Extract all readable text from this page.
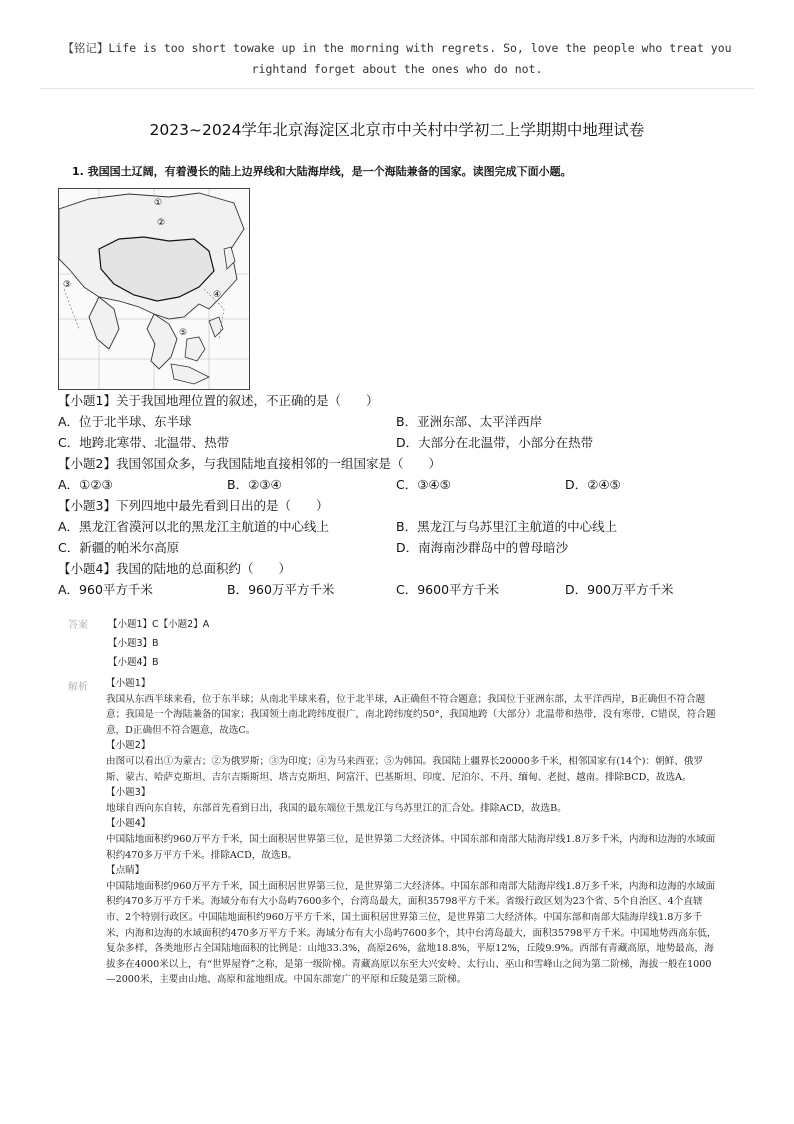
【铭记】Life is too short towake up in the morning with regrets. So, love the people who treat you
rightand forget about the ones who do not.
2023~2024学年北京海淀区北京市中关村中学初二上学期期中地理试卷
1. 我国国土辽阔，有着漫长的陆上边界线和大陆海岸线，是一个海陆兼备的国家。读图完成下面小题。
①
②
③
④
⑤
【小题1】关于我国地理位置的叙述，不正确的是（　　）
A．位于北半球、东半球	B．亚洲东部、太平洋西岸
C．地跨北寒带、北温带、热带	D．大部分在北温带，小部分在热带
【小题2】我国邻国众多，与我国陆地直接相邻的一组国家是（　　）
A．①②③	B．②③④	C．③④⑤	D．②④⑤
【小题3】下列四地中最先看到日出的是（　　）
A．黑龙江省漠河以北的黑龙江主航道的中心线上	B．黑龙江与乌苏里江主航道的中心线上
C．新疆的帕米尔高原	D．南海南沙群岛中的曾母暗沙
【小题4】我国的陆地的总面积约（　　）
A．960平方千米	B．960万平方千米	C．9600平方千米	D．900万平方千米
答案 【小题1】C【小题2】A
【小题3】B
【小题4】B
解析 【小题1】

我国从东西半球来看，位于东半球；从南北半球来看，位于北半球，A正确但不符合题意；我国位于亚洲东部，太平洋西岸，B正确但不符合题意；我国是一个海陆兼备的国家；我国领土南北跨纬度很广，南北跨纬度约50°，我国地跨（大部分）北温带和热带，没有寒带，C错误，符合题意，D正确但不符合题意，故选C。

【小题2】

由图可以看出①为蒙古；②为俄罗斯；③为印度；④为马来西亚；⑤为韩国。我国陆上疆界长20000多千米，相邻国家有(14个)：朝鲜、俄罗斯、蒙古、哈萨克斯坦、吉尔吉斯斯坦、塔吉克斯坦、阿富汗、巴基斯坦、印度、尼泊尔、不丹、缅甸、老挝、越南。排除BCD，故选A。

【小题3】

地球自西向东自转，东部首先看到日出，我国的最东端位于黑龙江与乌苏里江的汇合处。排除ACD，故选B。

【小题4】

中国陆地面积约960万平方千米，国土面积居世界第三位，是世界第二大经济体。中国东部和南部大陆海岸线1.8万多千米，内海和边海的水域面积约470多万平方千米。排除ACD，故选B。

【点睛】

中国陆地面积约960万平方千米，国土面积居世界第三位，是世界第二大经济体。中国东部和南部大陆海岸线1.8万多千米，内海和边海的水域面积约470多万平方千米。海域分布有大小岛屿7600多个，台湾岛最大，面积35798平方千米。省级行政区划为23个省、5个自治区、4个直辖市、2个特别行政区。中国陆地面积约960万平方千米，国土面积居世界第三位，是世界第二大经济体。中国东部和南部大陆海岸线1.8万多千米，内海和边海的水域面积约470多万平方千米。海域分布有大小岛屿7600多个，其中台湾岛最大，面积35798平方千米。中国地势西高东低，复杂多样，各类地形占全国陆地面积的比例是：山地33.3%，高原26%，盆地18.8%，平原12%，丘陵9.9%。西部有青藏高原，地势最高，海拔多在4000米以上，有“世界屋脊”之称，是第一级阶梯。青藏高原以东至大兴安岭、太行山、巫山和雪峰山之间为第二阶梯，海拔一般在1000—2000米，主要由山地、高原和盆地组成。中国东部宽广的平原和丘陵是第三阶梯。
